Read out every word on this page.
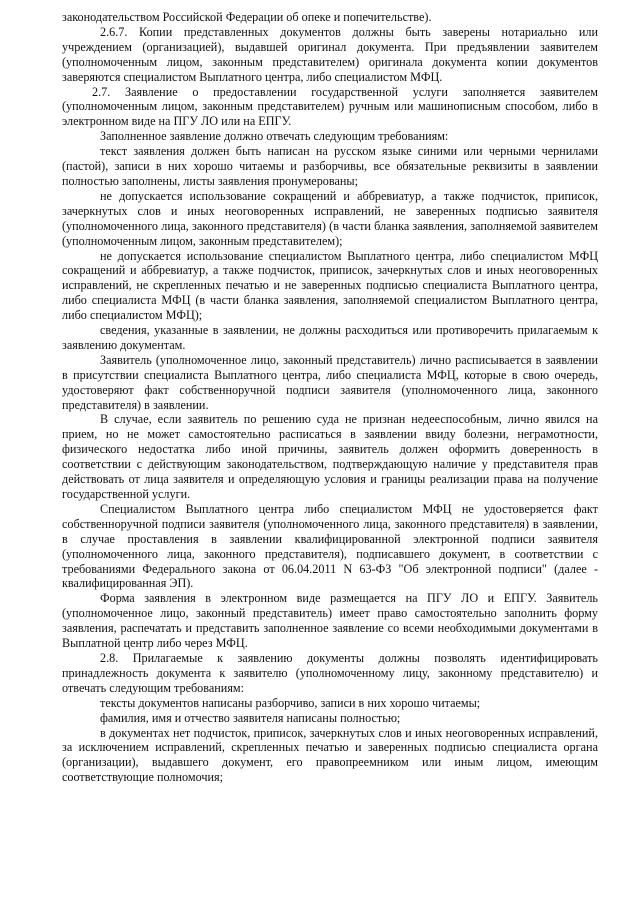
законодательством Российской Федерации об опеке и попечительстве).

2.6.7. Копии представленных документов должны быть заверены нотариально или учреждением (организацией), выдавшей оригинал документа. При предъявлении заявителем (уполномоченным лицом, законным представителем) оригинала документа копии документов заверяются специалистом Выплатного центра, либо специалистом МФЦ.

2.7. Заявление о предоставлении государственной услуги заполняется заявителем (уполномоченным лицом, законным представителем) ручным или машинописным способом, либо в электронном виде на ПГУ ЛО или на ЕПГУ.

Заполненное заявление должно отвечать следующим требованиям:

текст заявления должен быть написан на русском языке синими или черными чернилами (пастой), записи в них хорошо читаемы и разборчивы, все обязательные реквизиты в заявлении полностью заполнены, листы заявления пронумерованы;

не допускается использование сокращений и аббревиатур, а также подчисток, приписок, зачеркнутых слов и иных неоговоренных исправлений, не заверенных подписью заявителя (уполномоченного лица, законного представителя) (в части бланка заявления, заполняемой заявителем (уполномоченным лицом, законным представителем);

не допускается использование специалистом Выплатного центра, либо специалистом МФЦ сокращений и аббревиатур, а также подчисток, приписок, зачеркнутых слов и иных неоговоренных исправлений, не скрепленных печатью и не заверенных подписью специалиста Выплатного центра, либо специалиста МФЦ (в части бланка заявления, заполняемой специалистом Выплатного центра, либо специалистом МФЦ);

сведения, указанные в заявлении, не должны расходиться или противоречить прилагаемым к заявлению документам.

Заявитель (уполномоченное лицо, законный представитель) лично расписывается в заявлении в присутствии специалиста Выплатного центра, либо специалиста МФЦ, которые в свою очередь, удостоверяют факт собственноручной подписи заявителя (уполномоченного лица, законного представителя) в заявлении.

В случае, если заявитель по решению суда не признан недееспособным, лично явился на прием, но не может самостоятельно расписаться в заявлении ввиду болезни, неграмотности, физического недостатка либо иной причины, заявитель должен оформить доверенность в соответствии с действующим законодательством, подтверждающую наличие у представителя прав действовать от лица заявителя и определяющую условия и границы реализации права на получение государственной услуги.

Специалистом Выплатного центра либо специалистом МФЦ не удостоверяется факт собственноручной подписи заявителя (уполномоченного лица, законного представителя) в заявлении, в случае проставления в заявлении квалифицированной электронной подписи заявителя (уполномоченного лица, законного представителя), подписавшего документ, в соответствии с требованиями Федерального закона от 06.04.2011 N 63-ФЗ "Об электронной подписи" (далее - квалифицированная ЭП).

Форма заявления в электронном виде размещается на ПГУ ЛО и ЕПГУ. Заявитель (уполномоченное лицо, законный представитель) имеет право самостоятельно заполнить форму заявления, распечатать и представить заполненное заявление со всеми необходимыми документами в Выплатной центр либо через МФЦ.

2.8. Прилагаемые к заявлению документы должны позволять идентифицировать принадлежность документа к заявителю (уполномоченному лицу, законному представителю) и отвечать следующим требованиям:

тексты документов написаны разборчиво, записи в них хорошо читаемы;

фамилия, имя и отчество заявителя написаны полностью;

в документах нет подчисток, приписок, зачеркнутых слов и иных неоговоренных исправлений, за исключением исправлений, скрепленных печатью и заверенных подписью специалиста органа (организации), выдавшего документ, его правопреемником или иным лицом, имеющим соответствующие полномочия;
